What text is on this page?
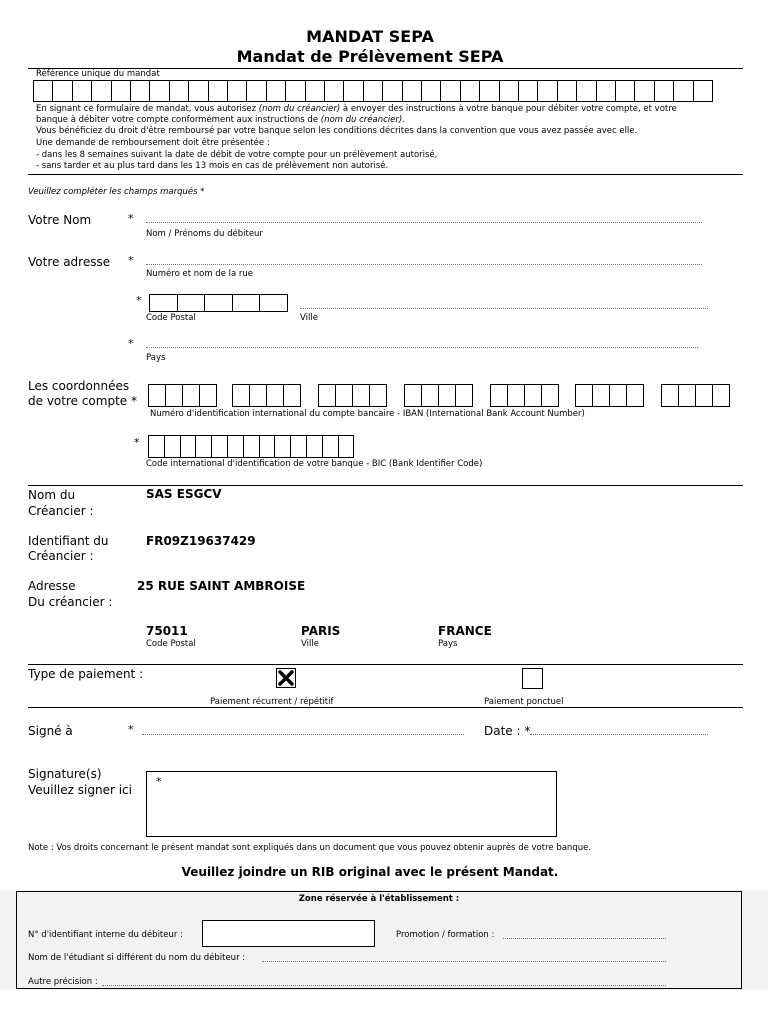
MANDAT SEPA
Mandat de Prélèvement SEPA
Référence unique du mandat
En signant ce formulaire de mandat, vous autorisez (nom du créancier) à envoyer des instructions à votre banque pour débiter votre compte, et votre
banque à débiter votre compte conformément aux instructions de (nom du créancier).
Vous bénéficiez du droit d'être remboursé par votre banque selon les conditions décrites dans la convention que vous avez passée avec elle.
Une demande de remboursement doit être présentée :
- dans les 8 semaines suivant la date de débit de votre compte pour un prélèvement autorisé,
- sans tarder et au plus tard dans les 13 mois en cas de prélèvement non autorisé.
Veuillez compléter les champs marqués *
Votre Nom	*
Nom / Prénoms du débiteur
Votre adresse *
Numéro et nom de la rue
*
Code Postal	Ville
*
Pays
Les coordonnées
de votre compte *
Numéro d'identification international du compte bancaire - IBAN (International Bank Account Number)
*
Code international d'identification de votre banque - BIC (Bank Identifier Code)
Nom du
Créancier :
SAS ESGCV
Identifiant du
Créancier :
FR09Z19637429
Adresse
Du créancier :
25 RUE SAINT AMBROISE
75011
Code Postal
PARIS
Ville
FRANCE
Pays
Type de paiement :
Paiement récurrent / répétitif	Paiement ponctuel
Signé à	*	Date : *
Signature(s)
Veuillez signer ici
*
Note : Vos droits concernant le présent mandat sont expliqués dans un document que vous pouvez obtenir auprès de votre banque.
Veuillez joindre un RIB original avec le présent Mandat.
Zone réservée à l'établissement :
N° d'identifiant interne du débiteur :	Promotion / formation :
Nom de l'étudiant si différent du nom du débiteur :
Autre précision :
